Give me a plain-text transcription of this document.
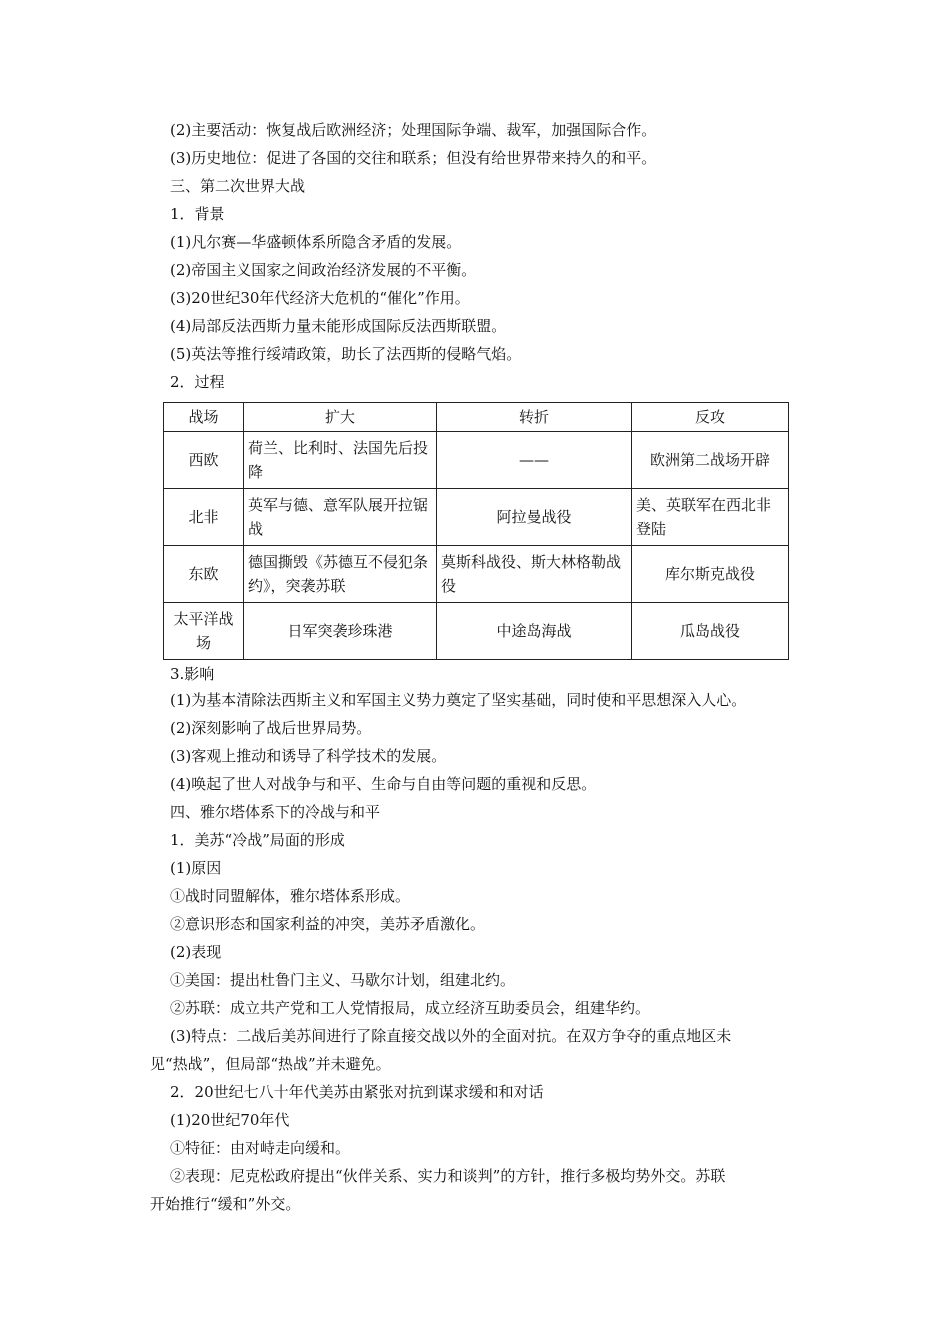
(2)主要活动：恢复战后欧洲经济；处理国际争端、裁军，加强国际合作。
(3)历史地位：促进了各国的交往和联系；但没有给世界带来持久的和平。
三、第二次世界大战
1．背景
(1)凡尔赛—华盛顿体系所隐含矛盾的发展。
(2)帝国主义国家之间政治经济发展的不平衡。
(3)20世纪30年代经济大危机的“催化”作用。
(4)局部反法西斯力量未能形成国际反法西斯联盟。
(5)英法等推行绥靖政策，助长了法西斯的侵略气焰。
2．过程
战场	扩大	转折	反攻
西欧	荷兰、比利时、法国先后投降	——	欧洲第二战场开辟
北非	英军与德、意军队展开拉锯战	阿拉曼战役	美、英联军在西北非登陆
东欧	德国撕毁《苏德互不侵犯条约》，突袭苏联	莫斯科战役、斯大林格勒战役	库尔斯克战役
太平洋战场	日军突袭珍珠港	中途岛海战	瓜岛战役
3.影响
(1)为基本清除法西斯主义和军国主义势力奠定了坚实基础，同时使和平思想深入人心。
(2)深刻影响了战后世界局势。
(3)客观上推动和诱导了科学技术的发展。
(4)唤起了世人对战争与和平、生命与自由等问题的重视和反思。
四、雅尔塔体系下的冷战与和平
1．美苏“冷战”局面的形成
(1)原因
①战时同盟解体，雅尔塔体系形成。
②意识形态和国家利益的冲突，美苏矛盾激化。
(2)表现
①美国：提出杜鲁门主义、马歇尔计划，组建北约。
②苏联：成立共产党和工人党情报局，成立经济互助委员会，组建华约。
(3)特点：二战后美苏间进行了除直接交战以外的全面对抗。在双方争夺的重点地区未
见“热战”，但局部“热战”并未避免。
2．20世纪七八十年代美苏由紧张对抗到谋求缓和和对话
(1)20世纪70年代
①特征：由对峙走向缓和。
②表现：尼克松政府提出“伙伴关系、实力和谈判”的方针，推行多极均势外交。苏联
开始推行“缓和”外交。
